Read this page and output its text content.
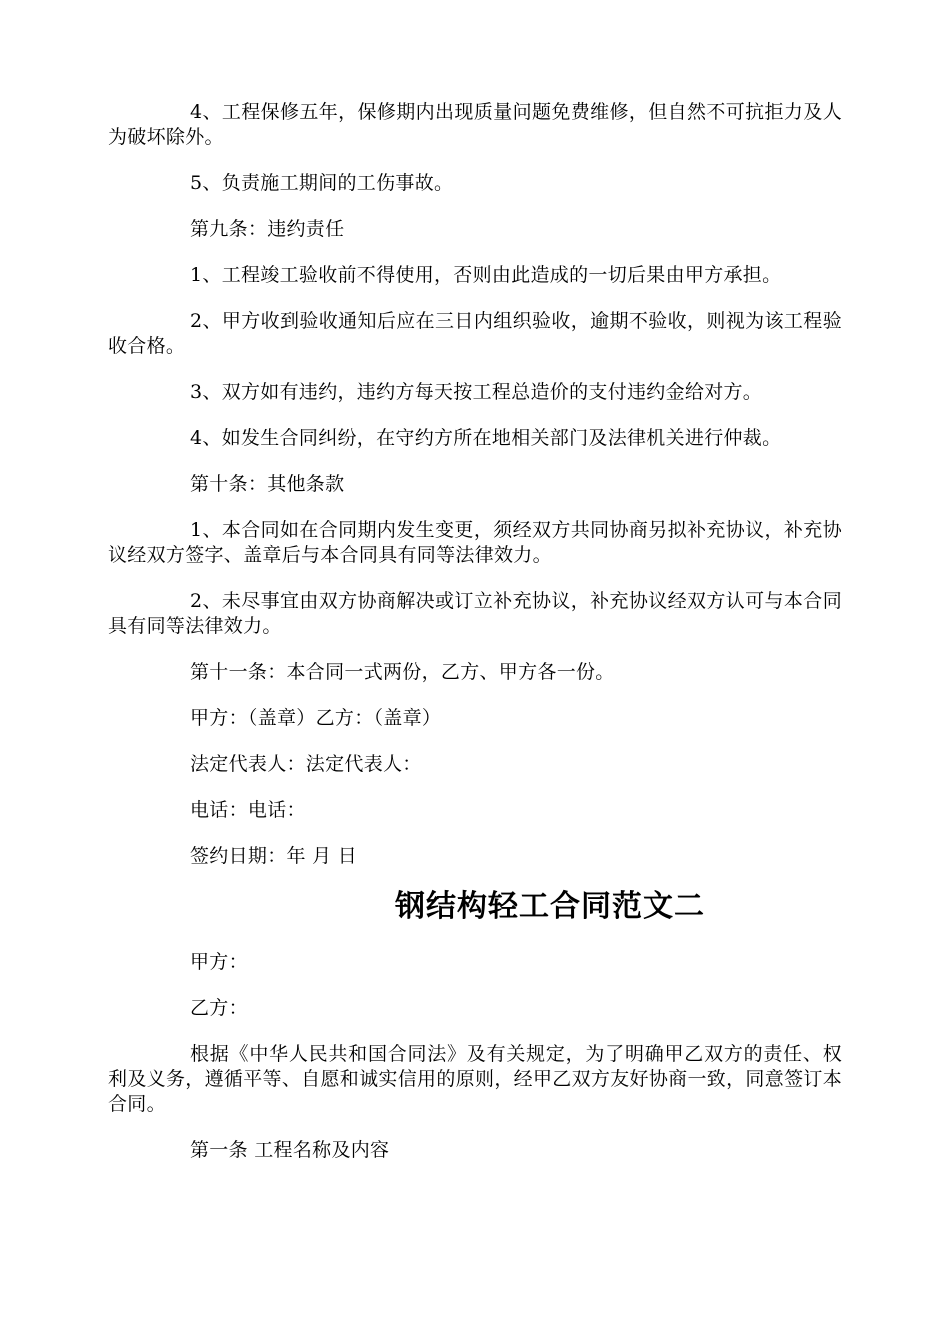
4、工程保修五年，保修期内出现质量问题免费维修，但自然不可抗拒力及人为破坏除外。

5、负责施工期间的工伤事故。

第九条：违约责任

1、工程竣工验收前不得使用，否则由此造成的一切后果由甲方承担。

2、甲方收到验收通知后应在三日内组织验收，逾期不验收，则视为该工程验收合格。

3、双方如有违约，违约方每天按工程总造价的支付违约金给对方。

4、如发生合同纠纷，在守约方所在地相关部门及法律机关进行仲裁。

第十条：其他条款

1、本合同如在合同期内发生变更，须经双方共同协商另拟补充协议，补充协议经双方签字、盖章后与本合同具有同等法律效力。

2、未尽事宜由双方协商解决或订立补充协议，补充协议经双方认可与本合同具有同等法律效力。

第十一条：本合同一式两份，乙方、甲方各一份。

甲方：（盖章）乙方：（盖章）

法定代表人：法定代表人：

电话：电话：

签约日期：年 月 日

钢结构轻工合同范文二

甲方：

乙方：

根据《中华人民共和国合同法》及有关规定，为了明确甲乙双方的责任、权利及义务，遵循平等、自愿和诚实信用的原则，经甲乙双方友好协商一致，同意签订本合同。

第一条 工程名称及内容
